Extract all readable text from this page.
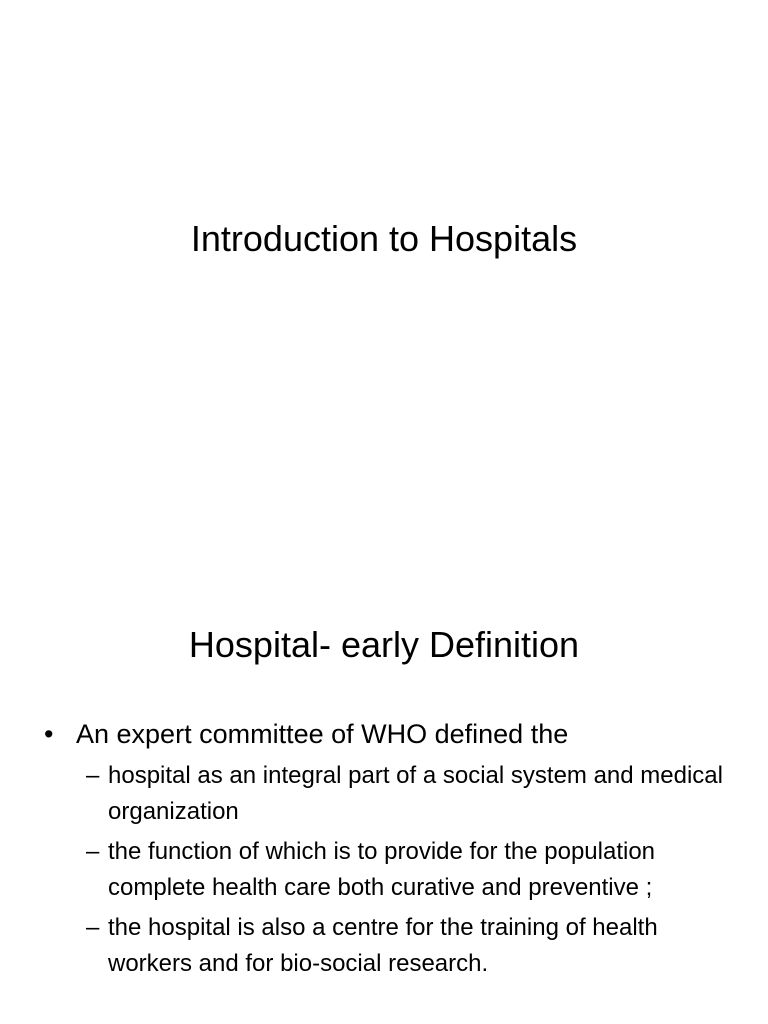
Introduction to Hospitals
Hospital- early Definition
• An expert committee of WHO defined the
– hospital as an integral part of a social system and medical organization
– the function of which is to provide for the population complete health care both curative and preventive ;
– the hospital is also a centre for the training of health workers and for bio-social research.
